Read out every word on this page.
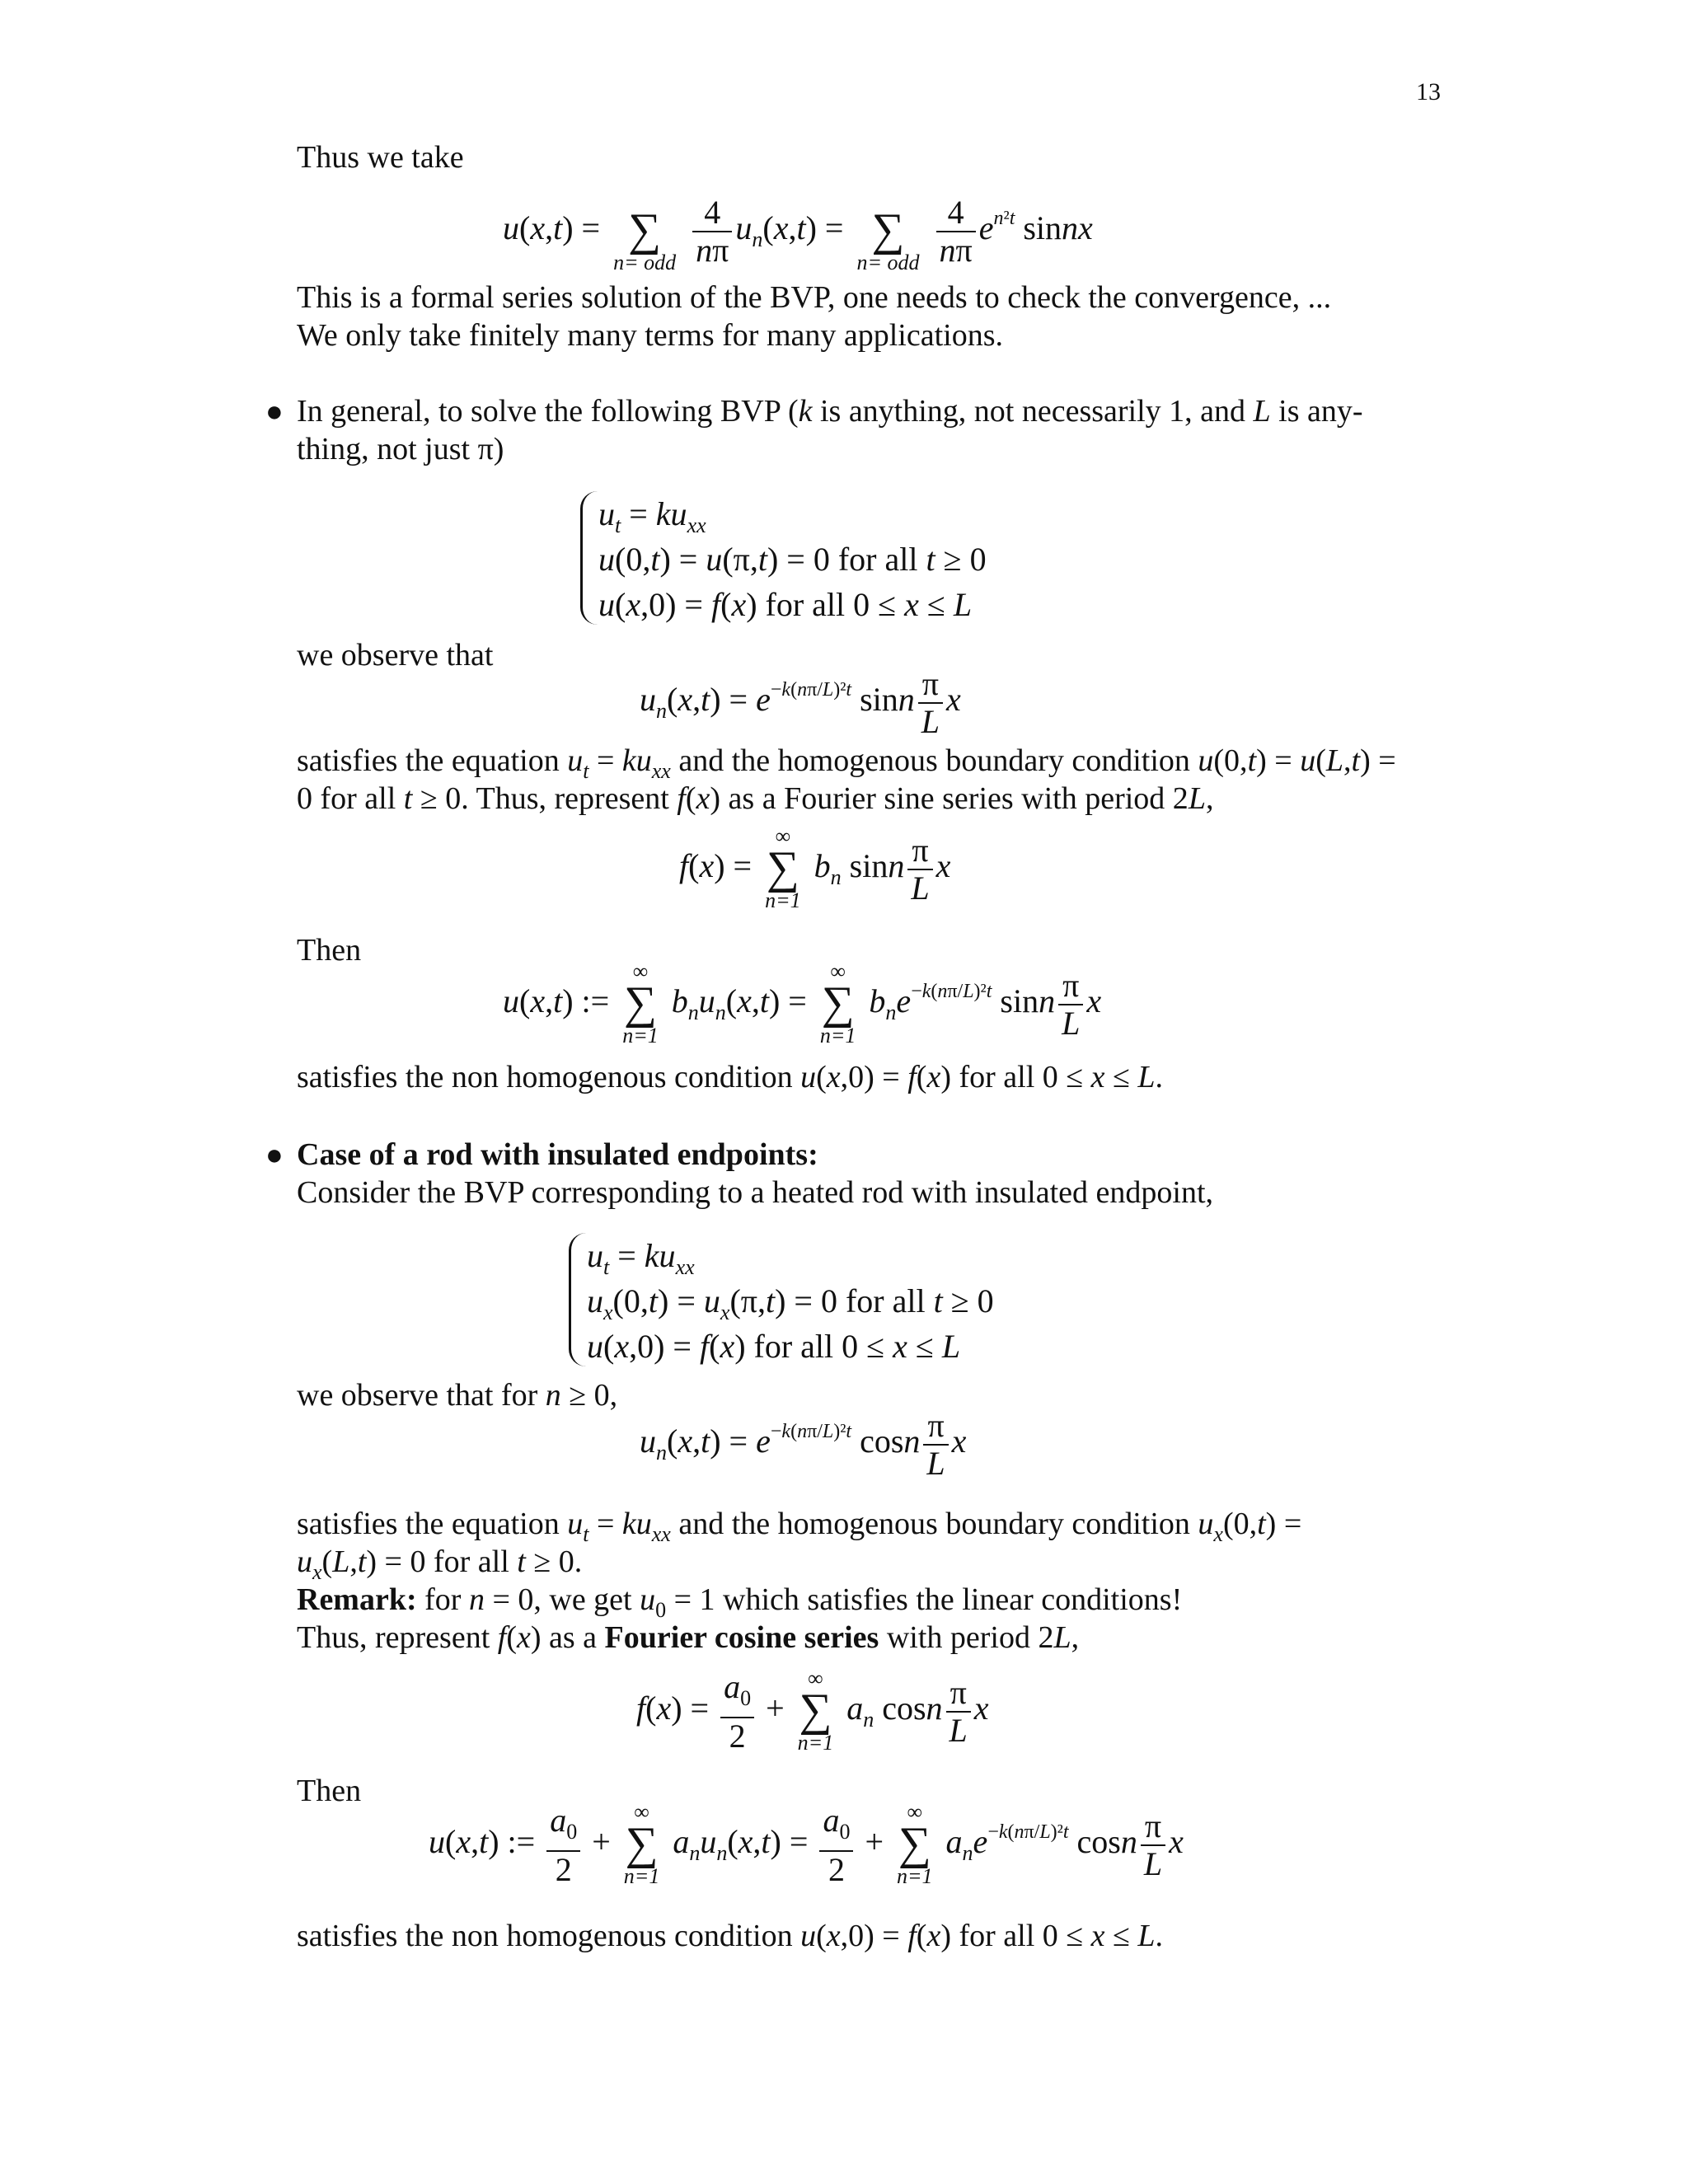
13
Thus we take
u(x,t) =
∑
n= odd
$\frac{4}{n\pi} u_n(x,t)$ =
∑
n= odd
$\frac{4}{n\pi} e^{n^2t}$ sinnx
This is a formal series solution of the BVP, one needs to check the convergence, ...
We only take finitely many terms for many applications.
● In general, to solve the following BVP (k is anything, not necessarily 1, and L is any-
thing, not just π)
$u_t = ku_{xx}$
u(0,t) = u(π,t) = 0 for all t ≥ 0
u(x,0) = f(x) for all 0 ≤ x ≤ L
we observe that
$u_n(x,t) = e^{-k(n\pi/L)^2t}$ sinn $\frac{\pi}{L}$ x
satisfies the equation $u_t = ku_{xx}$ and the homogenous boundary condition u(0,t) = u(L,t) =
0 for all t ≥ 0. Thus, represent f(x) as a Fourier sine series with period 2L,
f(x) =
∞
∑
n=1
$b_n$ sinn $\frac{\pi}{L}$ x
Then
u(x,t) :=
∞
∑
n=1
$b_nu_n(x,t)$ =
∞
∑
n=1
$b_ne^{-k(n\pi/L)^2t}$ sinn $\frac{\pi}{L}$ x
satisfies the non homogenous condition u(x,0) = f(x) for all 0 ≤ x ≤ L.
● Case of a rod with insulated endpoints:
Consider the BVP corresponding to a heated rod with insulated endpoint,
$u_t = ku_{xx}$
$u_x(0,t) = u_x(\pi,t) = 0$ for all t ≥ 0
u(x,0) = f(x) for all 0 ≤ x ≤ L
we observe that for n ≥ 0,
$u_n(x,t) = e^{-k(n\pi/L)^2t}$ cosn $\frac{\pi}{L}$ x
satisfies the equation $u_t = ku_{xx}$ and the homogenous boundary condition $u_x(0,t)$ =
$u_x(L,t) = 0$ for all t ≥ 0.
Remark: for n = 0, we get $u_0 = 1$ which satisfies the linear conditions!
Thus, represent f(x) as a Fourier cosine series with period 2L,
$f(x) = \frac{a_0}{2}$ +
∞
∑
n=1
$a_n$ cosn $\frac{\pi}{L}$ x
Then
u(x,t) := $\frac{a_0}{2}$ +
∞
∑
n=1
$a_nu_n(x,t) = \frac{a_0}{2}$ +
∞
∑
n=1
$a_ne^{-k(n\pi/L)^2t}$ cosn $\frac{\pi}{L}$ x
satisfies the non homogenous condition u(x,0) = f(x) for all 0 ≤ x ≤ L.
